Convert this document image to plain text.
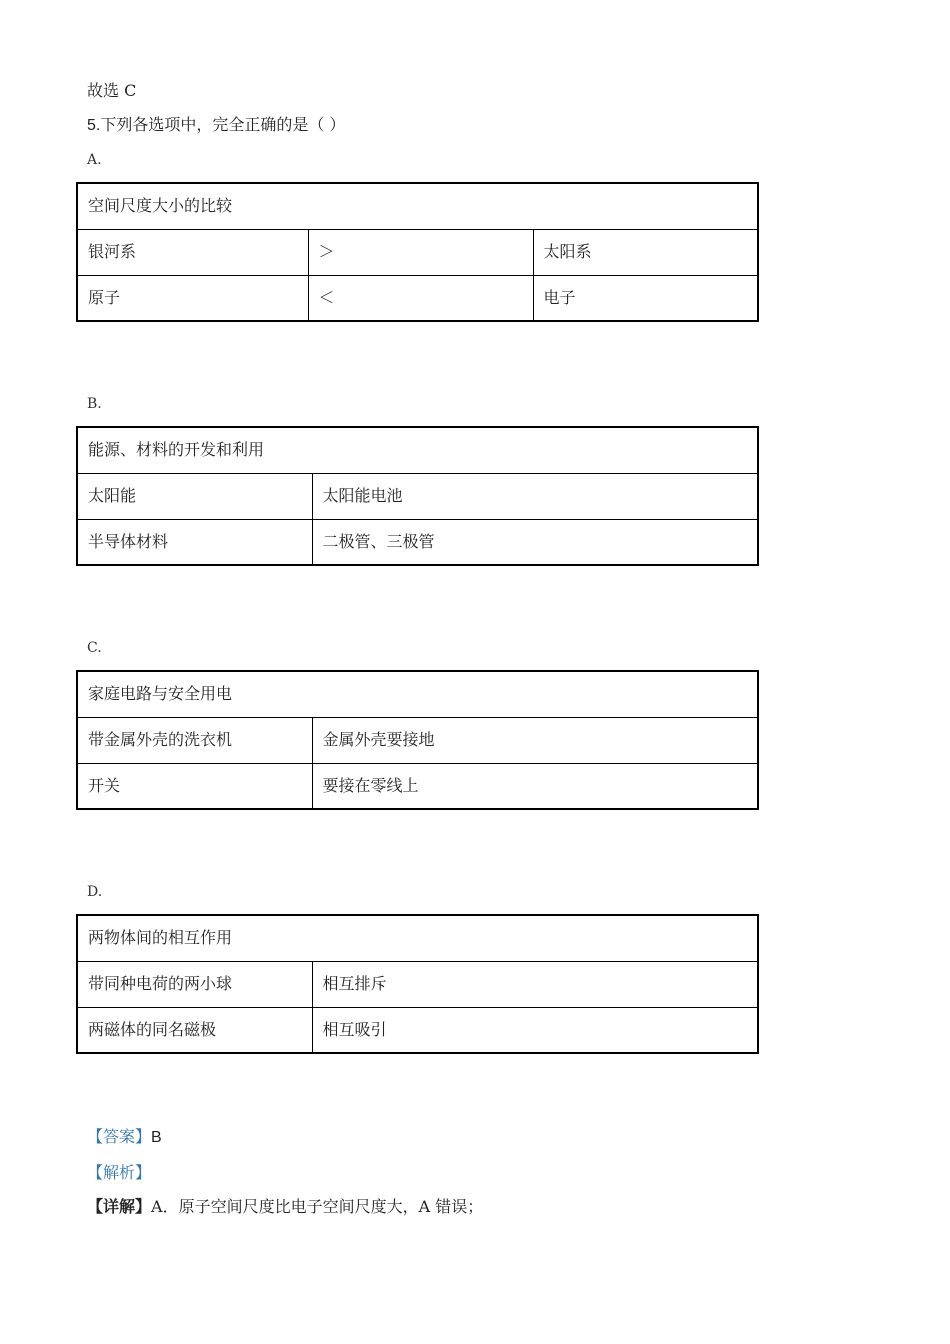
故选 C
5.下列各选项中，完全正确的是（ ）
A.
空间尺度大小的比较		
银河系	＞	太阳系
原子	＜	电子
B.
能源、材料的开发和利用	
太阳能	太阳能电池
半导体材料	二极管、三极管
C.
家庭电路与安全用电	
带金属外壳的洗衣机	金属外壳要接地
开关	要接在零线上
D.
两物体间的相互作用	
带同种电荷的两小球	相互排斥
两磁体的同名磁极	相互吸引
【答案】B
【解析】
【详解】A．原子空间尺度比电子空间尺度大，A 错误；
